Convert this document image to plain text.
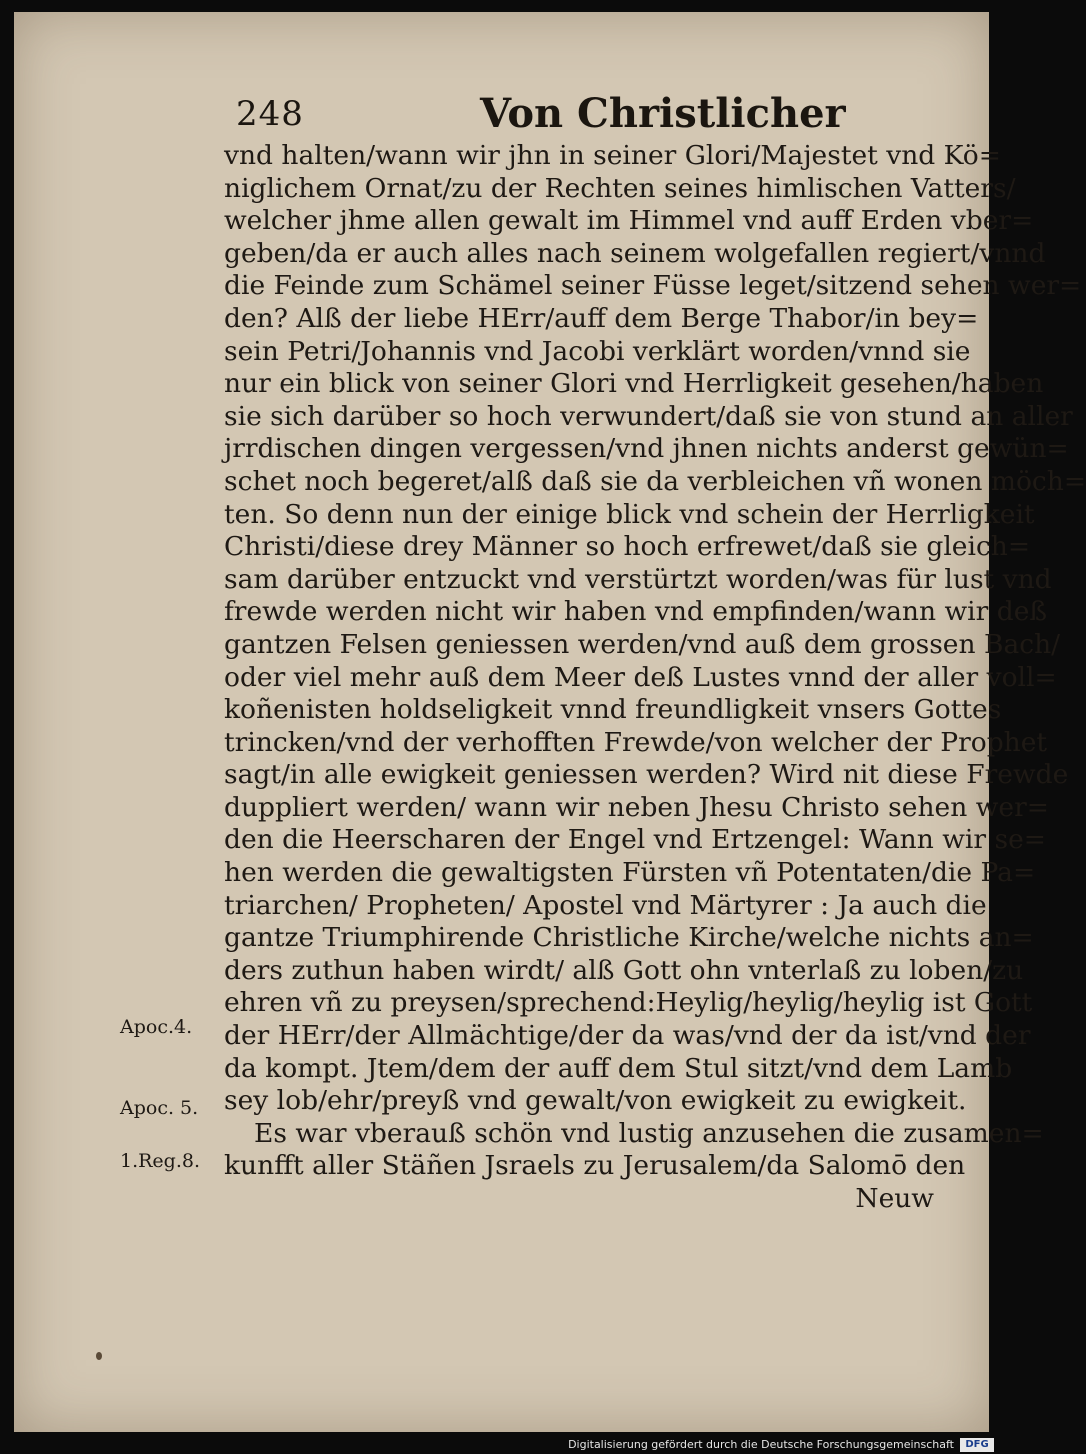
248	Von Christlicher
vnd halten/wann wir jhn in seiner Glori/Majestet vnd Kö=
niglichem Ornat/zu der Rechten seines himlischen Vatters/
welcher jhme allen gewalt im Himmel vnd auff Erden vber=
geben/da er auch alles nach seinem wolgefallen regiert/vnnd
die Feinde zum Schämel seiner Füsse leget/sitzend sehen wer=
den? Alß der liebe HErr/auff dem Berge Thabor/in bey=
sein Petri/Johannis vnd Jacobi verklärt worden/vnnd sie
nur ein blick von seiner Glori vnd Herrligkeit gesehen/haben
sie sich darüber so hoch verwundert/daß sie von stund an aller
jrrdischen dingen vergessen/vnd jhnen nichts anderst gewün=
schet noch begeret/alß daß sie da verbleichen vñ wonen möch=
ten. So denn nun der einige blick vnd schein der Herrligkeit
Christi/diese drey Männer so hoch erfrewet/daß sie gleich=
sam darüber entzuckt vnd verstürtzt worden/was für lust vnd
frewde werden nicht wir haben vnd empfinden/wann wir deß
gantzen Felsen geniessen werden/vnd auß dem grossen Bach/
oder viel mehr auß dem Meer deß Lustes vnnd der aller voll=
koñenisten holdseligkeit vnnd freundligkeit vnsers Gottes
trincken/vnd der verhofften Frewde/von welcher der Prophet
sagt/in alle ewigkeit geniessen werden? Wird nit diese Frewde
duppliert werden/ wann wir neben Jhesu Christo sehen wer=
den die Heerscharen der Engel vnd Ertzengel: Wann wir se=
hen werden die gewaltigsten Fürsten vñ Potentaten/die Pa=
triarchen/ Propheten/ Apostel vnd Märtyrer : Ja auch die
gantze Triumphirende Christliche Kirche/welche nichts an=
ders zuthun haben wirdt/ alß Gott ohn vnterlaß zu loben/zu
ehren vñ zu preysen/sprechend:Heylig/heylig/heylig ist Gott
der HErr/der Allmächtige/der da was/vnd der da ist/vnd der
da kompt. Jtem/dem der auff dem Stul sitzt/vnd dem Lamb
sey lob/ehr/preyß vnd gewalt/von ewigkeit zu ewigkeit.
Es war vberauß schön vnd lustig anzusehen die zusamen=
kunfft aller Stäñen Jsraels zu Jerusalem/da Salomō den
Neuw
Apoc.4.
Apoc. 5.
1.Reg.8.
Digitalisierung gefördert durch die Deutsche Forschungsgemeinschaft	DFG
